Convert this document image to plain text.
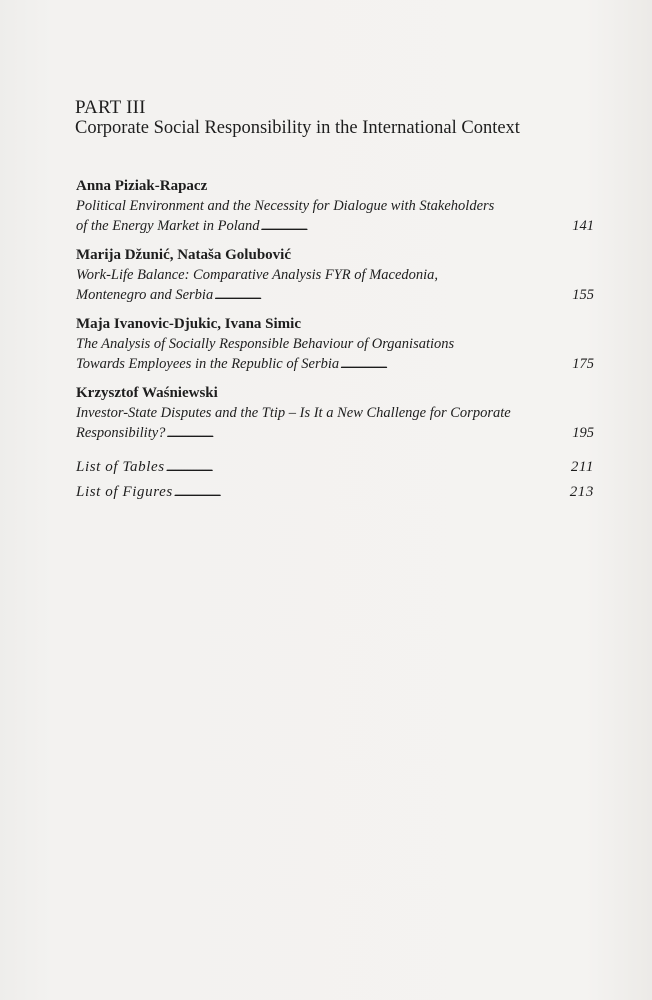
PART III
Corporate Social Responsibility in the International Context
Anna Piziak-Rapacz
Political Environment and the Necessity for Dialogue with Stakeholders
of the Energy Market in Poland . . .	141
Marija Džunić, Nataša Golubović
Work-Life Balance: Comparative Analysis FYR of Macedonia,
Montenegro and Serbia . . .	155
Maja Ivanovic-Djukic, Ivana Simic
The Analysis of Socially Responsible Behaviour of Organisations
Towards Employees in the Republic of Serbia . . .	175
Krzysztof Waśniewski
Investor-State Disputes and the Ttip – Is It a New Challenge for Corporate
Responsibility? . . .	195
List of Tables . . .	211
List of Figures . . .	213
